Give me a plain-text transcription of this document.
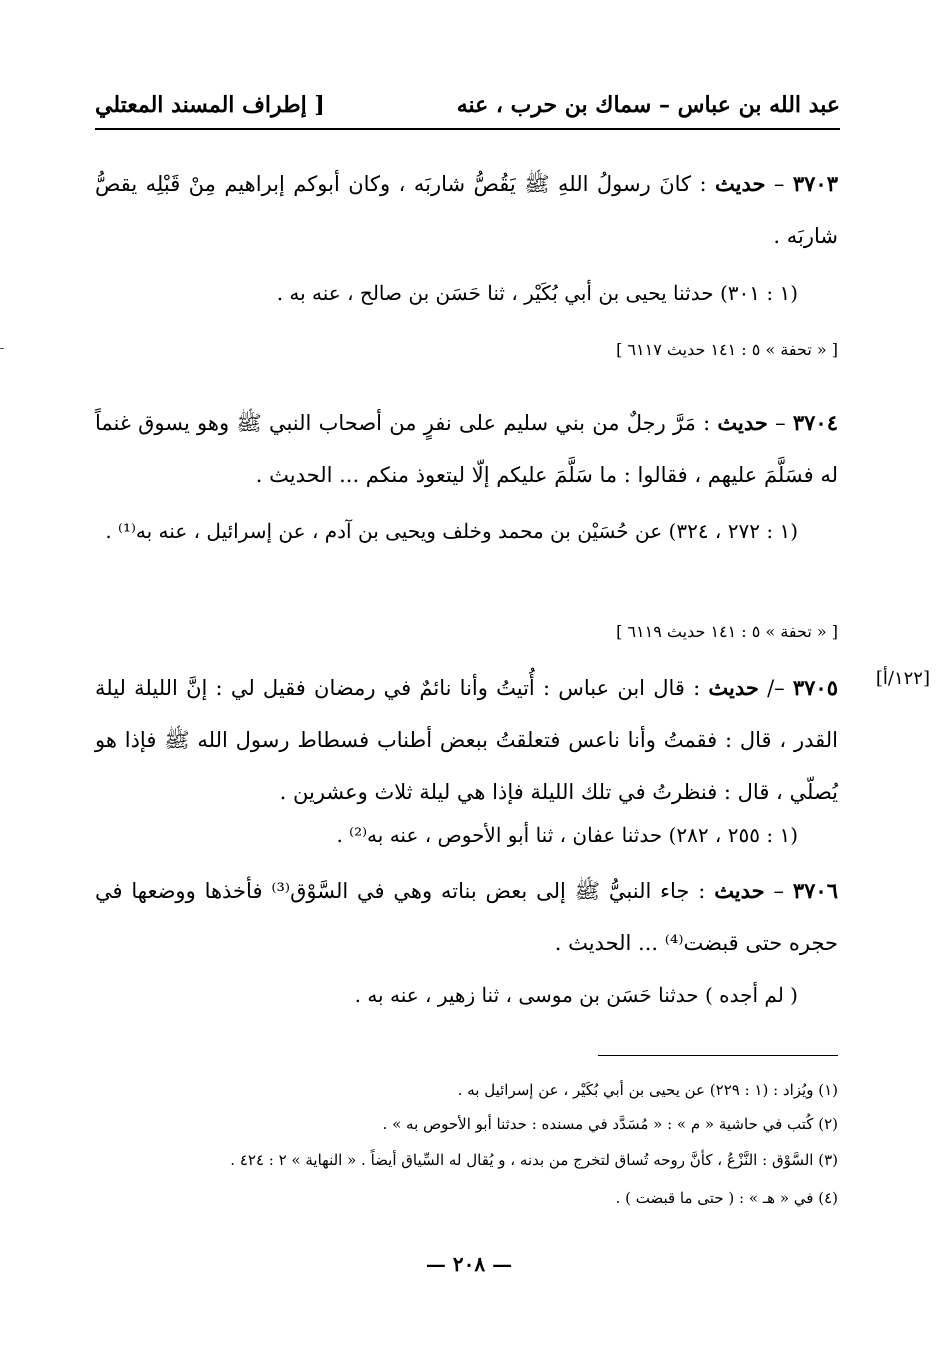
عبد الله بن عباس – سماك بن حرب ، عنه
[ إطراف المسند المعتلي
٣٧٠٣ – حديث : كانَ رسولُ اللهِ ﷺ يَقُصُّ شاربَه ، وكان أبوكم إبراهيم مِنْ قَبْلِه يقصُّ شاربَه .
(١ : ٣٠١) حدثنا يحيى بن أبي بُكَيْر ، ثنا حَسَن بن صالح ، عنه به .
[ « تحفة » ٥ : ١٤١ حديث ٦١١٧ ]
٣٧٠٤ – حديث : مَرَّ رجلٌ من بني سليم على نفرٍ من أصحاب النبي ﷺ وهو يسوق غنماً له فسَلَّمَ عليهم ، فقالوا : ما سَلَّمَ عليكم إلّا ليتعوذ منكم ... الحديث .
(١ : ٢٧٢ ، ٣٢٤) عن حُسَيْن بن محمد وخلف ويحيى بن آدم ، عن إسرائيل ، عنه به⁽¹⁾ .
[ « تحفة » ٥ : ١٤١ حديث ٦١١٩ ]
[١٢٢/أ]
٣٧٠٥ –/ حديث : قال ابن عباس : أُتيتُ وأنا نائمٌ في رمضان فقيل لي : إنَّ الليلة ليلة القدر ، قال : فقمتُ وأنا ناعس فتعلقتُ ببعض أطناب فسطاط رسول الله ﷺ فإذا هو يُصلّي ، قال : فنظرتُ في تلك الليلة فإذا هي ليلة ثلاث وعشرين .
(١ : ٢٥٥ ، ٢٨٢) حدثنا عفان ، ثنا أبو الأحوص ، عنه به⁽²⁾ .
٣٧٠٦ – حديث : جاء النبيُّ ﷺ إلى بعض بناته وهي في السَّوْق⁽³⁾ فأخذها ووضعها في حجره حتى قبضت⁽⁴⁾ ... الحديث .
( لم أجده ) حدثنا حَسَن بن موسى ، ثنا زهير ، عنه به .
(١) ويُزاد : (١ : ٢٢٩) عن يحيى بن أبي بُكَيْر ، عن إسرائيل به .
(٢) كُتب في حاشية « م » : « مُسَدَّد في مسنده : حدثنا أبو الأحوص به » .
(٣) السَّوْق : النَّزْعُ ، كأنَّ روحه تُساق لتخرج من بدنه ، و يُقال له السِّياق أيضاً . « النهاية » ٢ : ٤٢٤ .
(٤) في « هـ » : ( حتى ما قبضت ) .
— ٢٠٨ —
